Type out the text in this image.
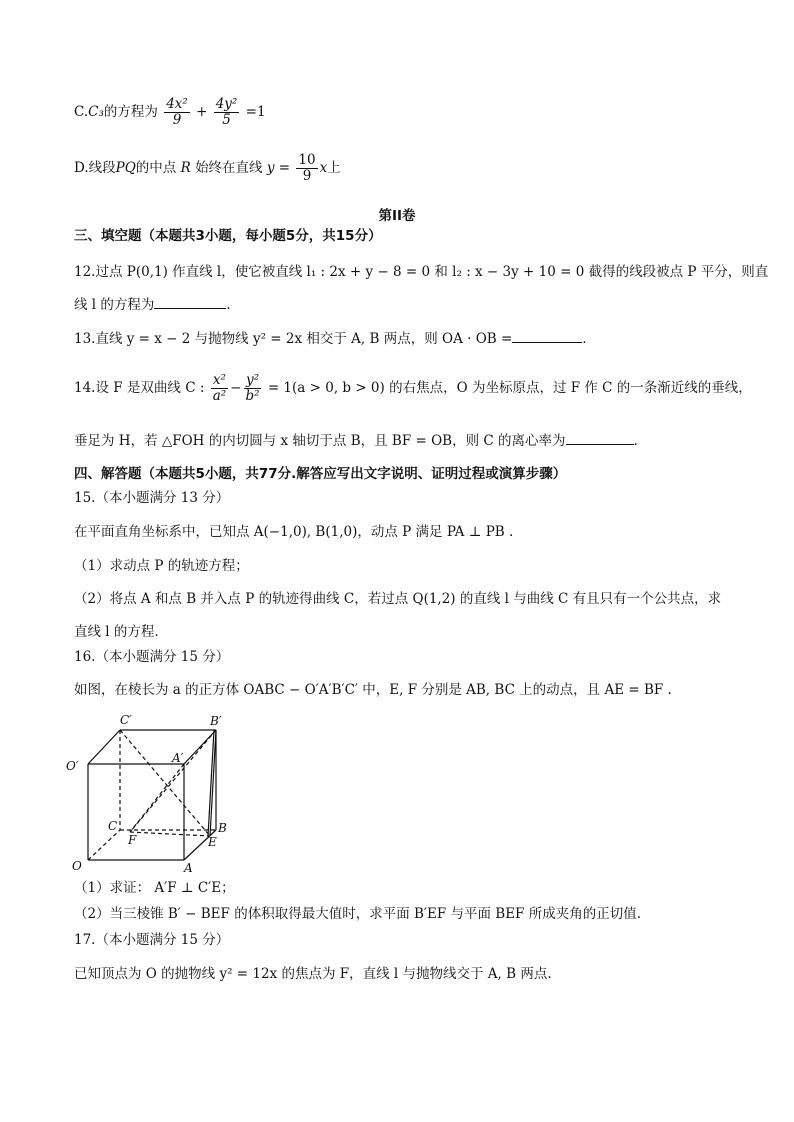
C.C₃的方程为 $\frac{\text{4x²}}{9} + \frac{\text{4y²}}{5} =1$
D.线段PQ的中点 R 始终在直线 $y = \frac{10}{9}$ x上
第II卷
三、填空题（本题共3小题，每小题5分，共15分）
12.过点 P(0,1) 作直线 l，使它被直线 l₁ : 2x + y − 8 = 0 和 l₂ : x − 3y + 10 = 0 截得的线段被点 P 平分，则直
线 l 的方程为	.
13.直线 y = x − 2 与抛物线 y² = 2x 相交于 A, B 两点，则 OA · OB =	.
14.设 F 是双曲线 C : $\frac{\text{x²}}{\text{a²}} - \frac{\text{y²}}{\text{b²}} = 1(a > 0$, b > 0) 的右焦点，O 为坐标原点，过 F 作 C 的一条渐近线的垂线，
垂足为 H，若 △FOH 的内切圆与 x 轴切于点 B，且 BF = OB，则 C 的离心率为	.
四、解答题（本题共5小题，共77分.解答应写出文字说明、证明过程或演算步骤）
15.（本小题满分 13 分）
在平面直角坐标系中，已知点 A(−1,0), B(1,0)，动点 P 满足 PA ⊥ PB .
（1）求动点 P 的轨迹方程；
（2）将点 A 和点 B 并入点 P 的轨迹得曲线 C，若过点 Q(1,2) 的直线 l 与曲线 C 有且只有一个公共点，求
直线 l 的方程.
16.（本小题满分 15 分）
如图，在棱长为 a 的正方体 OABC − O′A′B′C′ 中，E, F 分别是 AB, BC 上的动点，且 AE = BF .
C′	B′
O′
A′
C	B
F	E
O	A
（1）求证： A′F ⊥ C′E；
（2）当三棱锥 B′ − BEF 的体积取得最大值时，求平面 B′EF 与平面 BEF 所成夹角的正切值.
17.（本小题满分 15 分）
已知顶点为 O 的抛物线 y² = 12x 的焦点为 F，直线 l 与抛物线交于 A, B 两点.
